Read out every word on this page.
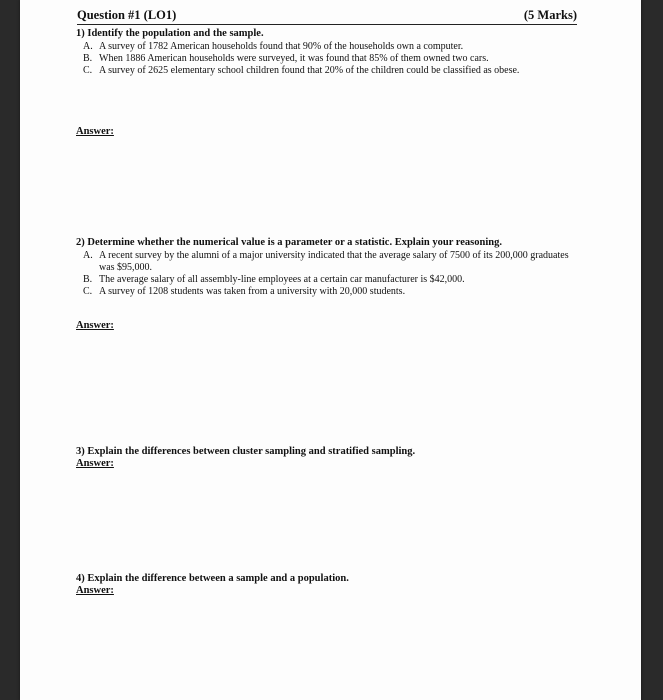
Question #1 (LO1)	(5 Marks)
1) Identify the population and the sample.
A. A survey of 1782 American households found that 90% of the households own a computer.
B. When 1886 American households were surveyed, it was found that 85% of them owned two cars.
C. A survey of 2625 elementary school children found that 20% of the children could be classified as obese.
Answer:
2) Determine whether the numerical value is a parameter or a statistic. Explain your reasoning.
A. A recent survey by the alumni of a major university indicated that the average salary of 7500 of its 200,000 graduates was $95,000.
B. The average salary of all assembly-line employees at a certain car manufacturer is $42,000.
C. A survey of 1208 students was taken from a university with 20,000 students.
Answer:
3) Explain the differences between cluster sampling and stratified sampling.
Answer:
4) Explain the difference between a sample and a population.
Answer:
